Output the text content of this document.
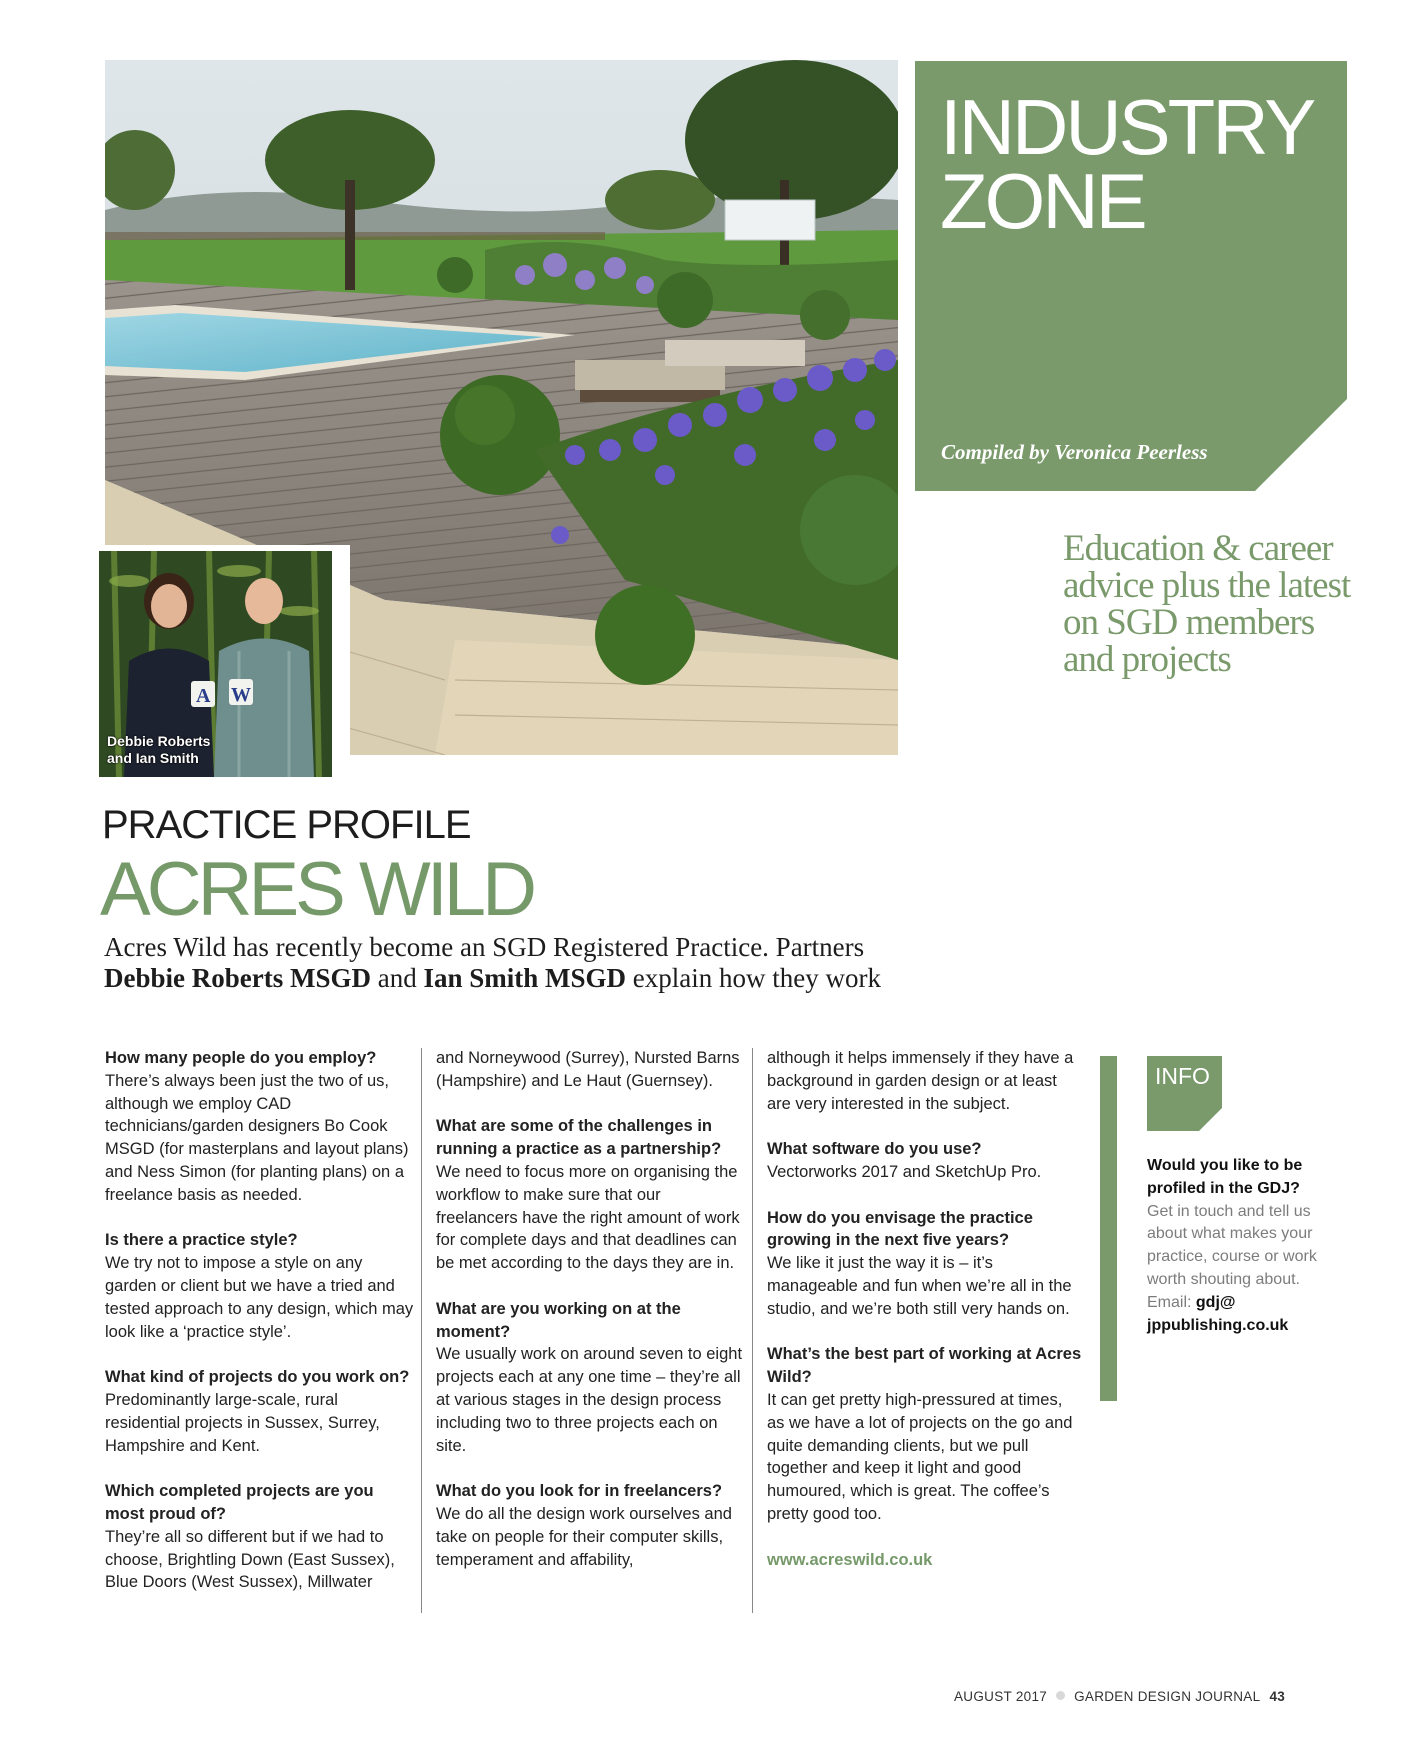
A W
Debbie Roberts
and Ian Smith
INDUSTRY
ZONE
Compiled by Veronica Peerless
Education & career advice plus the latest on SGD members and projects
PRACTICE PROFILE
ACRES WILD
Acres Wild has recently become an SGD Registered Practice. Partners
Debbie Roberts MSGD and Ian Smith MSGD explain how they work

How many people do you employ?
There’s always been just the two of us, although we employ CAD technicians/garden designers Bo Cook MSGD (for masterplans and layout plans) and Ness Simon (for planting plans) on a freelance basis as needed.

Is there a practice style?
We try not to impose a style on any garden or client but we have a tried and tested approach to any design, which may look like a ‘practice style’.

What kind of projects do you work on?
Predominantly large-scale, rural residential projects in Sussex, Surrey, Hampshire and Kent.

Which completed projects are you most proud of?
They’re all so different but if we had to choose, Brightling Down (East Sussex), Blue Doors (West Sussex), Millwater

and Norneywood (Surrey), Nursted Barns (Hampshire) and Le Haut (Guernsey).

What are some of the challenges in running a practice as a partnership?
We need to focus more on organising the workflow to make sure that our freelancers have the right amount of work for complete days and that deadlines can be met according to the days they are in.

What are you working on at the moment?
We usually work on around seven to eight projects each at any one time – they’re all at various stages in the design process including two to three projects each on site.

What do you look for in freelancers?
We do all the design work ourselves and take on people for their computer skills, temperament and affability,

although it helps immensely if they have a background in garden design or at least are very interested in the subject.

What software do you use?
Vectorworks 2017 and SketchUp Pro.

How do you envisage the practice growing in the next five years?
We like it just the way it is – it’s manageable and fun when we’re all in the studio, and we’re both still very hands on.

What’s the best part of working at Acres Wild?
It can get pretty high-pressured at times, as we have a lot of projects on the go and quite demanding clients, but we pull together and keep it light and good humoured, which is great. The coffee’s pretty good too.

www.acreswild.co.uk

INFO
Would you like to be profiled in the GDJ?
Get in touch and tell us about what makes your practice, course or work worth shouting about. Email: gdj@ jppublishing.co.uk
AUGUST 2017 GARDEN DESIGN JOURNAL 43
